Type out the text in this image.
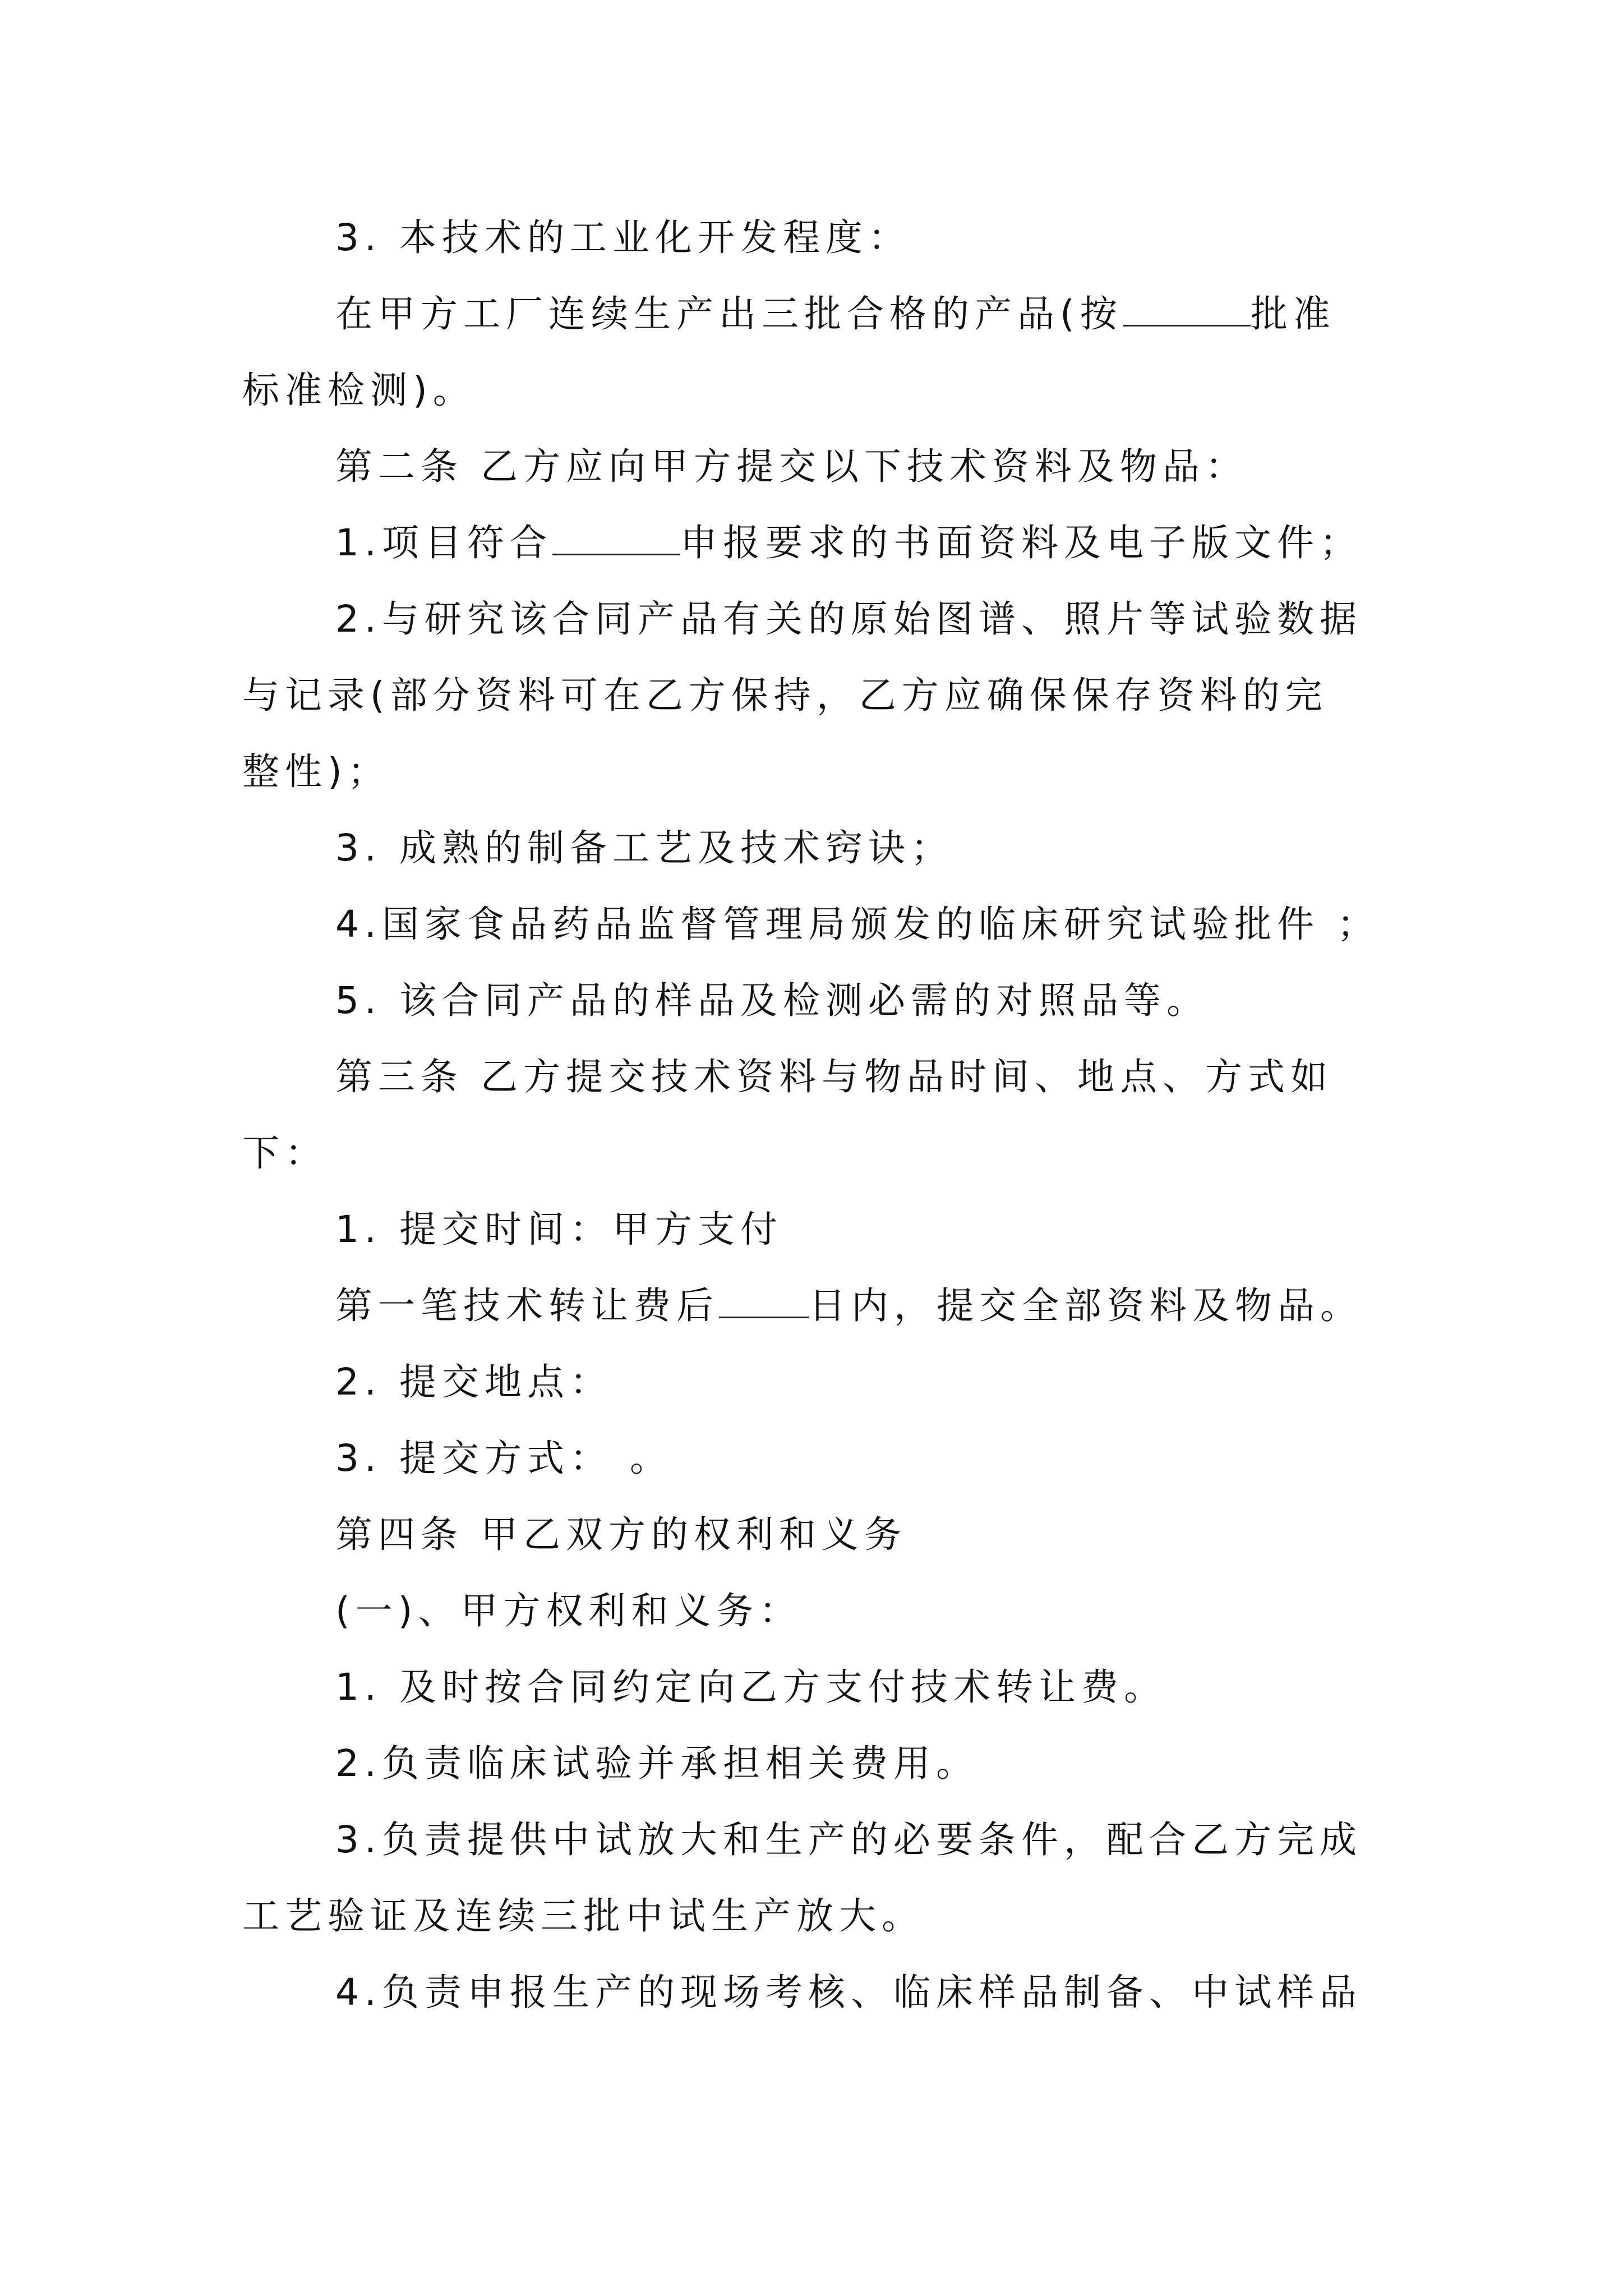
3. 本技术的工业化开发程度：
在甲方工厂连续生产出三批合格的产品(按	批准
标准检测)。
第二条 乙方应向甲方提交以下技术资料及物品：
1.项目符合	申报要求的书面资料及电子版文件；
2.与研究该合同产品有关的原始图谱、照片等试验数据
与记录(部分资料可在乙方保持，乙方应确保保存资料的完
整性)；
3. 成熟的制备工艺及技术窍诀；
4.国家食品药品监督管理局颁发的临床研究试验批件 ；
5. 该合同产品的样品及检测必需的对照品等。
第三条 乙方提交技术资料与物品时间、地点、方式如
下：
1. 提交时间：甲方支付
第一笔技术转让费后 日内，提交全部资料及物品。
2. 提交地点：
3. 提交方式： 。
第四条 甲乙双方的权利和义务
(一)、甲方权利和义务：
1. 及时按合同约定向乙方支付技术转让费。
2.负责临床试验并承担相关费用。
3.负责提供中试放大和生产的必要条件，配合乙方完成
工艺验证及连续三批中试生产放大。
4.负责申报生产的现场考核、临床样品制备、中试样品
